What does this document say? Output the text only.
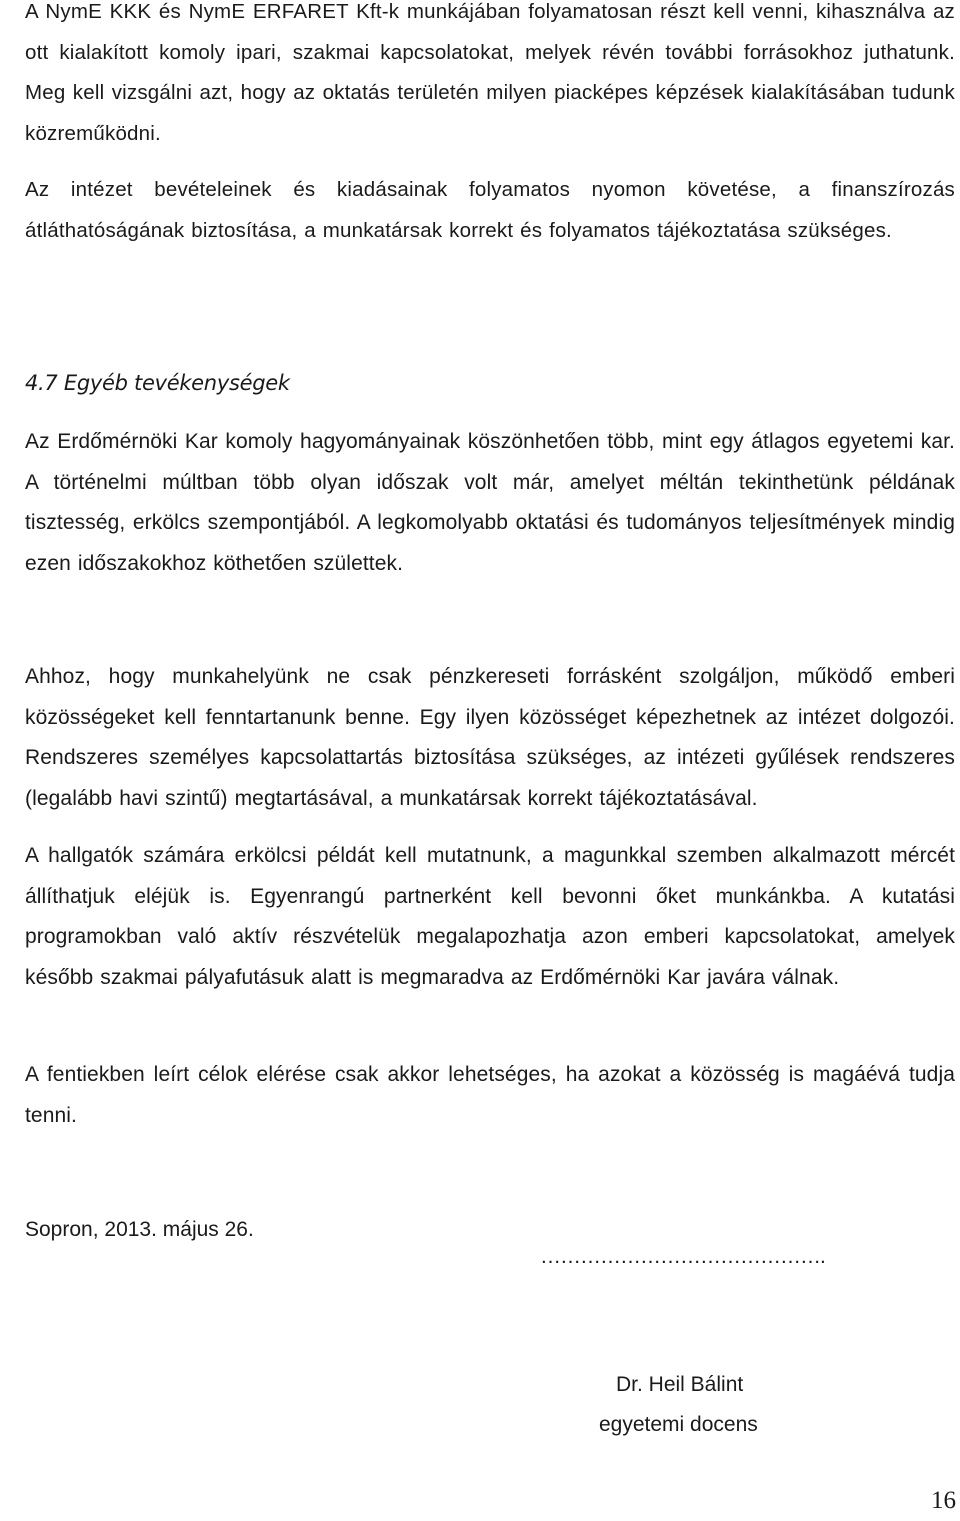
A NymE KKK és NymE ERFARET Kft-k munkájában folyamatosan részt kell venni, kihasználva az ott kialakított komoly ipari, szakmai kapcsolatokat, melyek révén további forrásokhoz juthatunk. Meg kell vizsgálni azt, hogy az oktatás területén milyen piacképes képzések kialakításában tudunk közreműködni.

Az intézet bevételeinek és kiadásainak folyamatos nyomon követése, a finanszírozás átláthatóságának biztosítása, a munkatársak korrekt és folyamatos tájékoztatása szükséges.

4.7 Egyéb tevékenységek

Az Erdőmérnöki Kar komoly hagyományainak köszönhetően több, mint egy átlagos egyetemi kar. A történelmi múltban több olyan időszak volt már, amelyet méltán tekinthetünk példának tisztesség, erkölcs szempontjából. A legkomolyabb oktatási és tudományos teljesítmények mindig ezen időszakokhoz köthetően születtek.

Ahhoz, hogy munkahelyünk ne csak pénzkereseti forrásként szolgáljon, működő emberi közösségeket kell fenntartanunk benne. Egy ilyen közösséget képezhetnek az intézet dolgozói. Rendszeres személyes kapcsolattartás biztosítása szükséges, az intézeti gyűlések rendszeres (legalább havi szintű) megtartásával, a munkatársak korrekt tájékoztatásával.

A hallgatók számára erkölcsi példát kell mutatnunk, a magunkkal szemben alkalmazott mércét állíthatjuk eléjük is. Egyenrangú partnerként kell bevonni őket munkánkba. A kutatási programokban való aktív részvételük megalapozhatja azon emberi kapcsolatokat, amelyek később szakmai pályafutásuk alatt is megmaradva az Erdőmérnöki Kar javára válnak.

A fentiekben leírt célok elérése csak akkor lehetséges, ha azokat a közösség is magáévá tudja tenni.

Sopron, 2013. május 26.

…………………………………….

Dr. Heil Bálint

egyetemi docens

16
